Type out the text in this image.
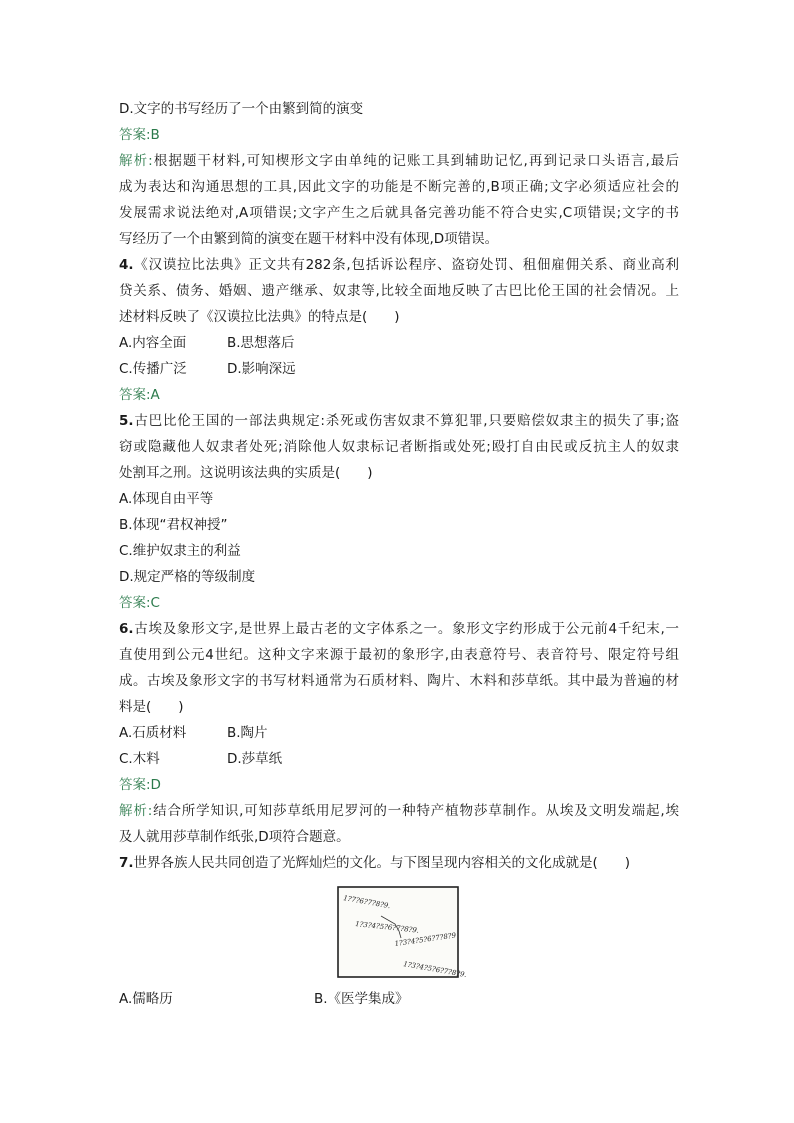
D.文字的书写经历了一个由繁到简的演变
答案:B
解析:根据题干材料,可知楔形文字由单纯的记账工具到辅助记忆,再到记录口头语言,最后
成为表达和沟通思想的工具,因此文字的功能是不断完善的,B项正确;文字必须适应社会的
发展需求说法绝对,A项错误;文字产生之后就具备完善功能不符合史实,C项错误;文字的书
写经历了一个由繁到简的演变在题干材料中没有体现,D项错误。
4.《汉谟拉比法典》正文共有282条,包括诉讼程序、盗窃处罚、租佃雇佣关系、商业高利
贷关系、债务、婚姻、遗产继承、奴隶等,比较全面地反映了古巴比伦王国的社会情况。上
述材料反映了《汉谟拉比法典》的特点是(　　)
A.内容全面	B.思想落后
C.传播广泛	D.影响深远
答案:A
5.古巴比伦王国的一部法典规定:杀死或伤害奴隶不算犯罪,只要赔偿奴隶主的损失了事;盗
窃或隐藏他人奴隶者处死;消除他人奴隶标记者断指或处死;殴打自由民或反抗主人的奴隶
处割耳之刑。这说明该法典的实质是(　　)
A.体现自由平等
B.体现“君权神授”
C.维护奴隶主的利益
D.规定严格的等级制度
答案:C
6.古埃及象形文字,是世界上最古老的文字体系之一。象形文字约形成于公元前4千纪末,一
直使用到公元4世纪。这种文字来源于最初的象形字,由表意符号、表音符号、限定符号组
成。古埃及象形文字的书写材料通常为石质材料、陶片、木料和莎草纸。其中最为普遍的材
料是(　　)
A.石质材料	B.陶片
C.木料	D.莎草纸
答案:D
解析:结合所学知识,可知莎草纸用尼罗河的一种特产植物莎草制作。从埃及文明发端起,埃
及人就用莎草制作纸张,D项符合题意。
7.世界各族人民共同创造了光辉灿烂的文化。与下图呈现内容相关的文化成就是(　　)
1?7?6?7?8?9.
1?3?4?5?6?7?8?9.
1?3?4?5?6?7?8?9
1?3?4?5?6?7?8?9.
A.儒略历	B.《医学集成》
